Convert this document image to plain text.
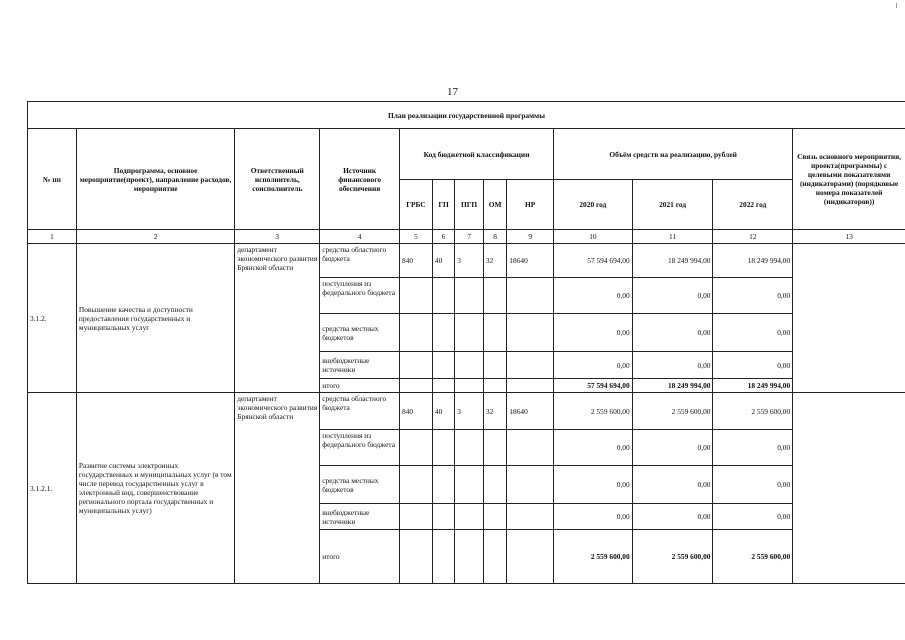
17
План реализации государственной программы												
№ пп	Подпрограмма, основное мероприятие(проект), направление расходов, мероприятие	Ответственный исполнитель, соисполнитель	Источник финансового обеспечения	Код бюджетной классификации					Объём средств на реализацию, рублей			Связь основного мероприятия, проекта(программы) с целевыми показателями (индикаторами) (порядковые номера показателей (индикаторов))
				ГРБС	ГП	ПГП	ОМ	НР	2020 год	2021 год	2022 год	
1	2	3	4	5	6	7	8	9	10	11	12	13
3.1.2.	Повышение качества и доступности предоставления государственных и муниципальных услуг	департамент экономического развития Брянской области	средства областного бюджета	840	40	3	32	18640	57 594 694,00	18 249 994,00	18 249 994,00	
			поступления из федерального бюджета						0,00	0,00	0,00	
			средства местных бюджетов						0,00	0,00	0,00	
			внебюджетные источники						0,00	0,00	0,00	
			итого						57 594 694,00	18 249 994,00	18 249 994,00	
3.1.2.1.	Развитие системы электронных государственных и муниципальных услуг (в том числе перевод государственных услуг в электронный вид, совершенствование регионального портала государственных и муниципальных услуг)	департамент экономического развития Брянской области	средства областного бюджета	840	40	3	32	18640	2 559 600,00	2 559 600,00	2 559 600,00	
			поступления из федерального бюджета						0,00	0,00	0,00	
			средства местных бюджетов						0,00	0,00	0,00	
			внебюджетные источники						0,00	0,00	0,00	
			итого						2 559 600,00	2 559 600,00	2 559 600,00	
